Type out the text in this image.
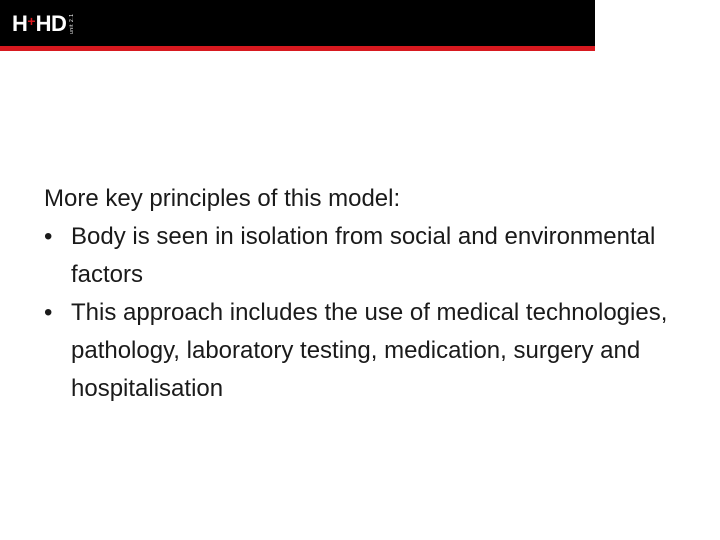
H + HD unit 2.1

More key principles of this model:

• Body is seen in isolation from social and environmental factors
• This approach includes the use of medical technologies, pathology, laboratory testing, medication, surgery and hospitalisation
